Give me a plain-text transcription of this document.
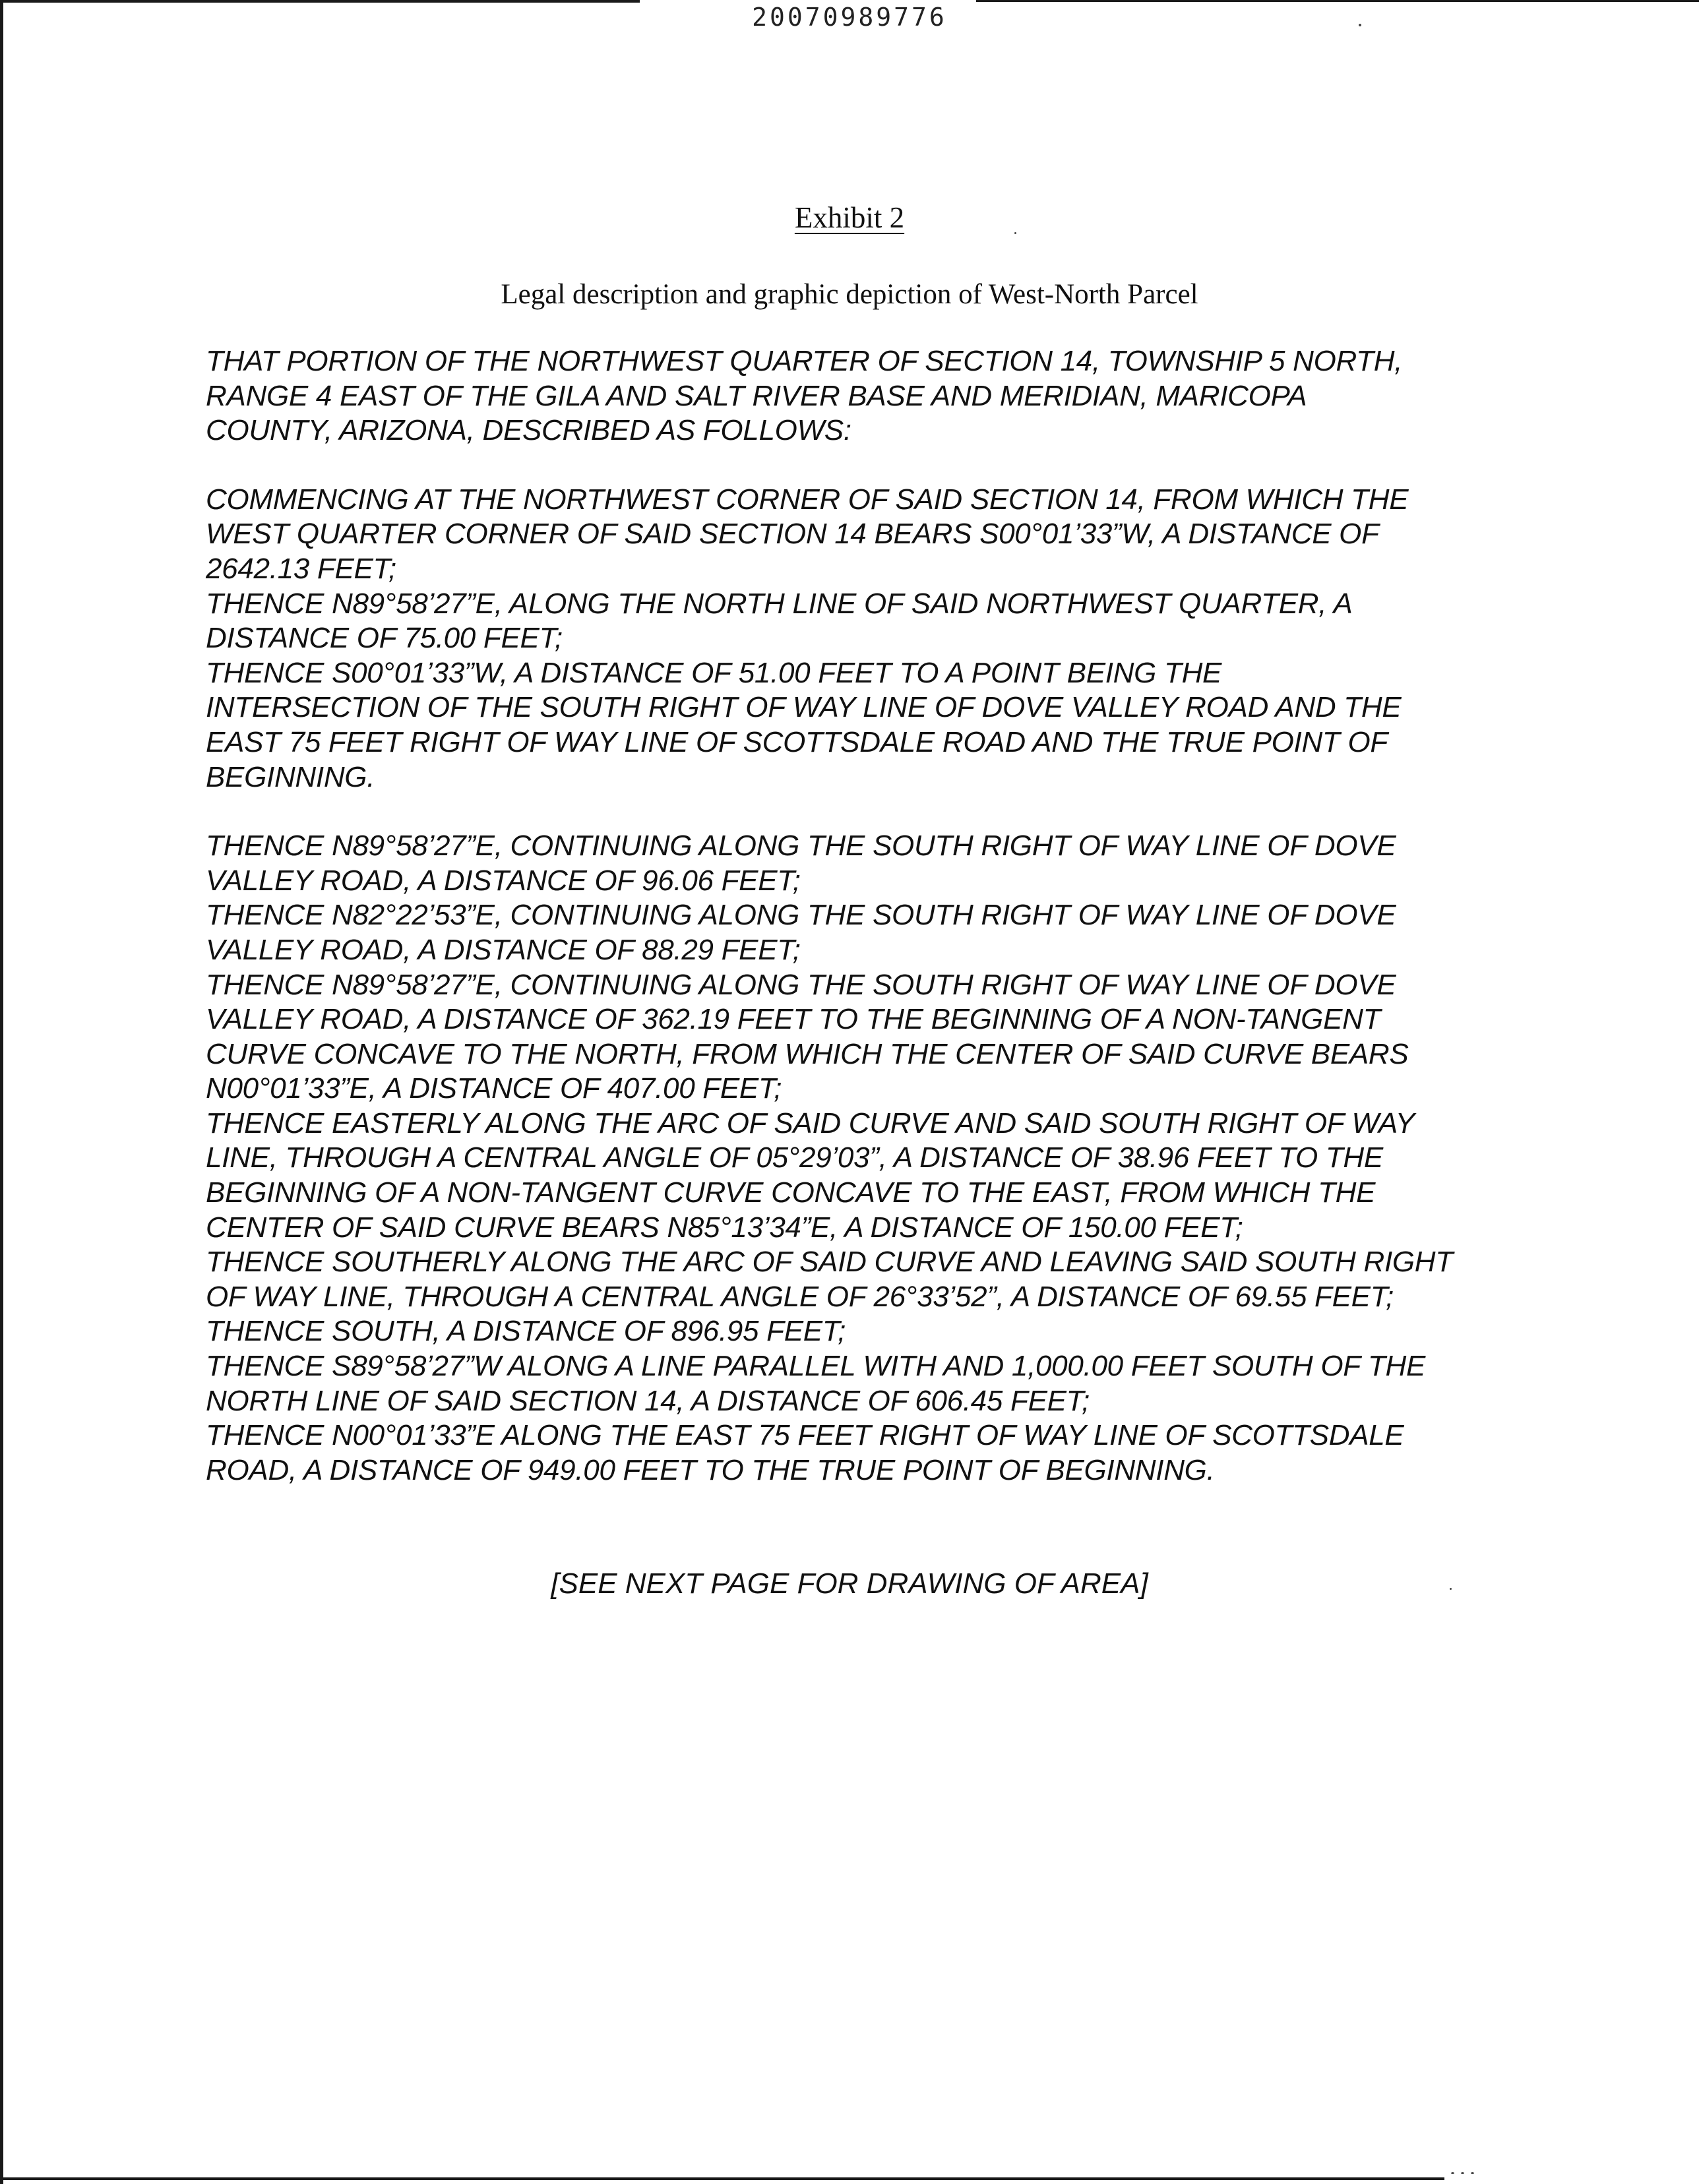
20070989776
Exhibit 2
Legal description and graphic depiction of West-North Parcel
THAT PORTION OF THE NORTHWEST QUARTER OF SECTION 14, TOWNSHIP 5 NORTH,
RANGE 4 EAST OF THE GILA AND SALT RIVER BASE AND MERIDIAN, MARICOPA
COUNTY, ARIZONA, DESCRIBED AS FOLLOWS:
COMMENCING AT THE NORTHWEST CORNER OF SAID SECTION 14, FROM WHICH THE
WEST QUARTER CORNER OF SAID SECTION 14 BEARS S00°01’33”W, A DISTANCE OF
2642.13 FEET;
THENCE N89°58’27”E, ALONG THE NORTH LINE OF SAID NORTHWEST QUARTER, A
DISTANCE OF 75.00 FEET;
THENCE S00°01’33”W, A DISTANCE OF 51.00 FEET TO A POINT BEING THE
INTERSECTION OF THE SOUTH RIGHT OF WAY LINE OF DOVE VALLEY ROAD AND THE
EAST 75 FEET RIGHT OF WAY LINE OF SCOTTSDALE ROAD AND THE TRUE POINT OF
BEGINNING.
THENCE N89°58’27”E, CONTINUING ALONG THE SOUTH RIGHT OF WAY LINE OF DOVE
VALLEY ROAD, A DISTANCE OF 96.06 FEET;
THENCE N82°22’53”E, CONTINUING ALONG THE SOUTH RIGHT OF WAY LINE OF DOVE
VALLEY ROAD, A DISTANCE OF 88.29 FEET;
THENCE N89°58’27”E, CONTINUING ALONG THE SOUTH RIGHT OF WAY LINE OF DOVE
VALLEY ROAD, A DISTANCE OF 362.19 FEET TO THE BEGINNING OF A NON-TANGENT
CURVE CONCAVE TO THE NORTH, FROM WHICH THE CENTER OF SAID CURVE BEARS
N00°01’33”E, A DISTANCE OF 407.00 FEET;
THENCE EASTERLY ALONG THE ARC OF SAID CURVE AND SAID SOUTH RIGHT OF WAY
LINE, THROUGH A CENTRAL ANGLE OF 05°29’03”, A DISTANCE OF 38.96 FEET TO THE
BEGINNING OF A NON-TANGENT CURVE CONCAVE TO THE EAST, FROM WHICH THE
CENTER OF SAID CURVE BEARS N85°13’34”E, A DISTANCE OF 150.00 FEET;
THENCE SOUTHERLY ALONG THE ARC OF SAID CURVE AND LEAVING SAID SOUTH RIGHT
OF WAY LINE, THROUGH A CENTRAL ANGLE OF 26°33’52”, A DISTANCE OF 69.55 FEET;
THENCE SOUTH, A DISTANCE OF 896.95 FEET;
THENCE S89°58’27”W ALONG A LINE PARALLEL WITH AND 1,000.00 FEET SOUTH OF THE
NORTH LINE OF SAID SECTION 14, A DISTANCE OF 606.45 FEET;
THENCE N00°01’33”E ALONG THE EAST 75 FEET RIGHT OF WAY LINE OF SCOTTSDALE
ROAD, A DISTANCE OF 949.00 FEET TO THE TRUE POINT OF BEGINNING.
[SEE NEXT PAGE FOR DRAWING OF AREA]
